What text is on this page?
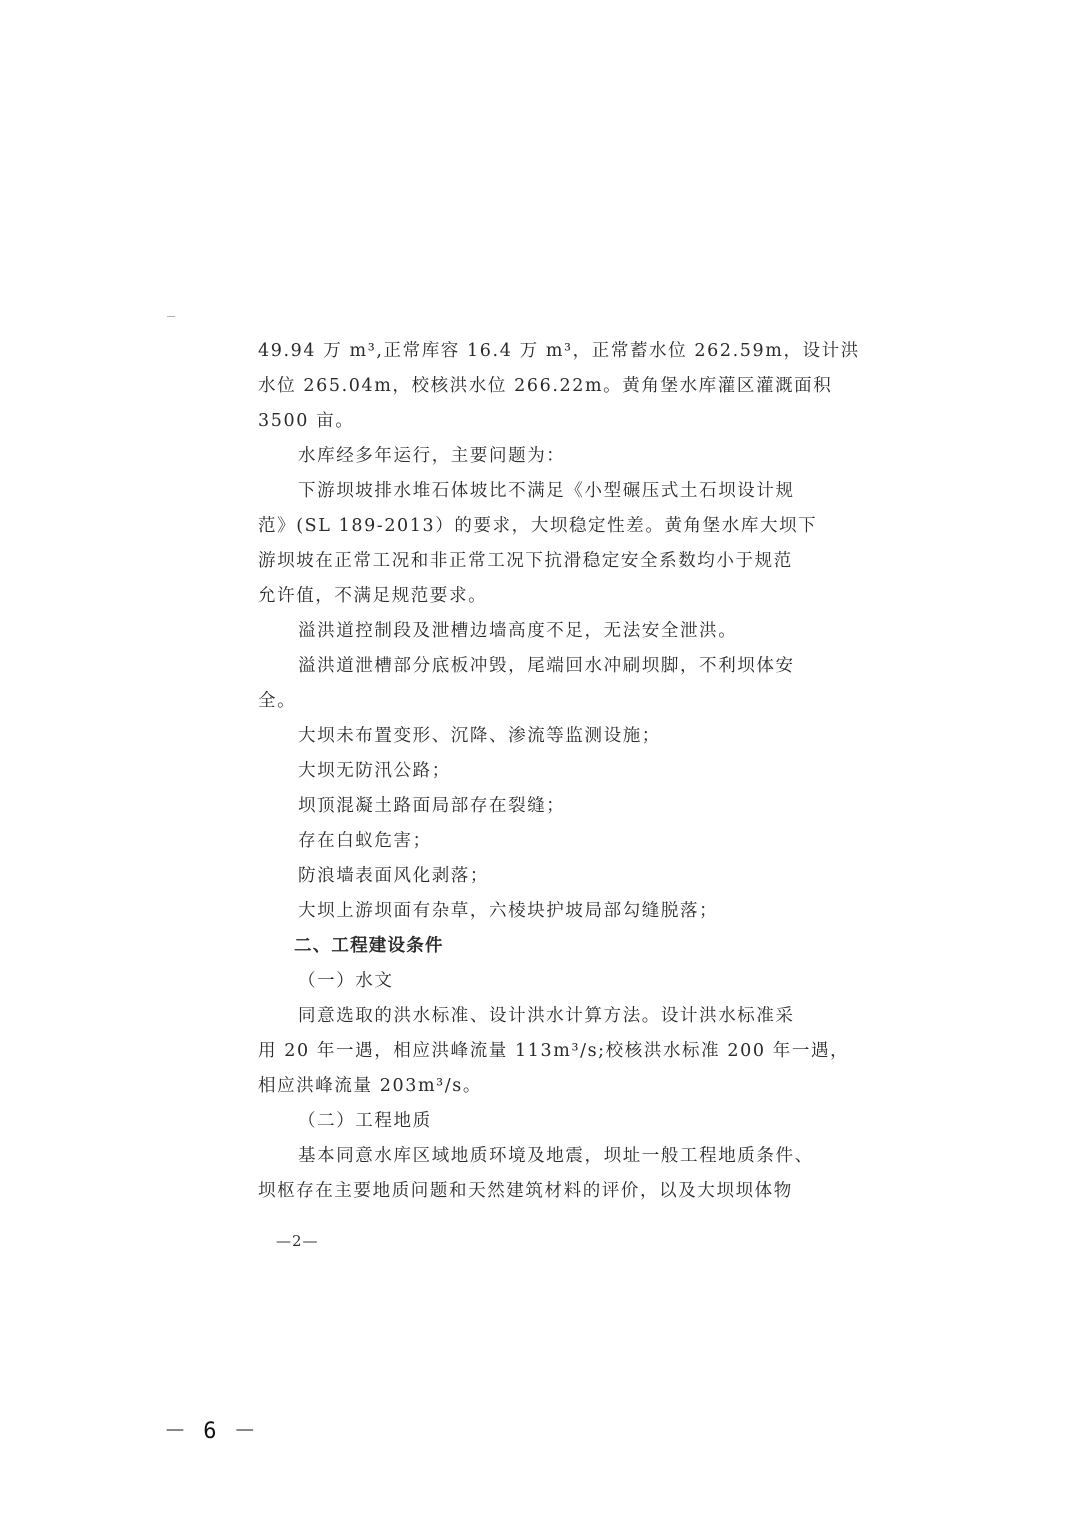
49.94 万 m³,正常库容 16.4 万 m³，正常蓄水位 262.59m，设计洪
水位 265.04m，校核洪水位 266.22m。黄角堡水库灌区灌溉面积
3500 亩。
水库经多年运行，主要问题为：
下游坝坡排水堆石体坡比不满足《小型碾压式土石坝设计规
范》(SL 189-2013）的要求，大坝稳定性差。黄角堡水库大坝下
游坝坡在正常工况和非正常工况下抗滑稳定安全系数均小于规范
允许值，不满足规范要求。
溢洪道控制段及泄槽边墙高度不足，无法安全泄洪。
溢洪道泄槽部分底板冲毁，尾端回水冲刷坝脚，不利坝体安
全。
大坝未布置变形、沉降、渗流等监测设施；
大坝无防汛公路；
坝顶混凝土路面局部存在裂缝；
存在白蚁危害；
防浪墙表面风化剥落；
大坝上游坝面有杂草，六棱块护坡局部勾缝脱落；
二、工程建设条件
（一）水文
同意选取的洪水标准、设计洪水计算方法。设计洪水标准采
用 20 年一遇，相应洪峰流量 113m³/s;校核洪水标准 200 年一遇，
相应洪峰流量 203m³/s。
（二）工程地质
基本同意水库区域地质环境及地震，坝址一般工程地质条件、
坝枢存在主要地质问题和天然建筑材料的评价，以及大坝坝体物
—2—
－ 6 －
